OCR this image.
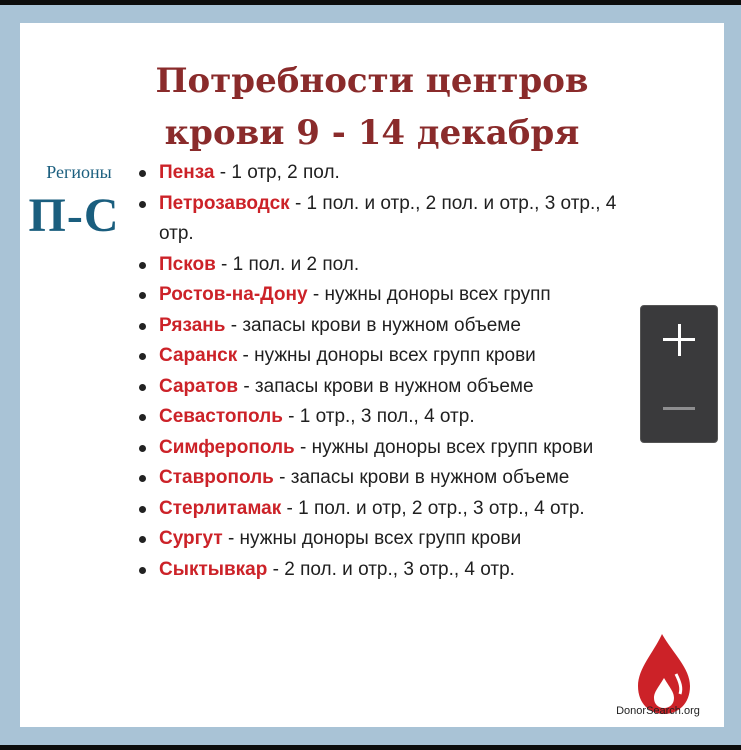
Потребности центров
крови 9 - 14 декабря
Регионы
П-С
Пенза - 1 отр, 2 пол.
Петрозаводск - 1 пол. и отр., 2 пол. и отр., 3 отр., 4 отр.
Псков - 1 пол. и 2 пол.
Ростов-на-Дону - нужны доноры всех групп
Рязань - запасы крови в нужном объеме
Саранск - нужны доноры всех групп крови
Саратов - запасы крови в нужном объеме
Севастополь - 1 отр., 3 пол., 4 отр.
Симферополь - нужны доноры всех групп крови
Ставрополь - запасы крови в нужном объеме
Стерлитамак - 1 пол. и отр, 2 отр., 3 отр., 4 отр.
Сургут - нужны доноры всех групп крови
Сыктывкар - 2 пол. и отр., 3 отр., 4 отр.
DonorSearch.org
